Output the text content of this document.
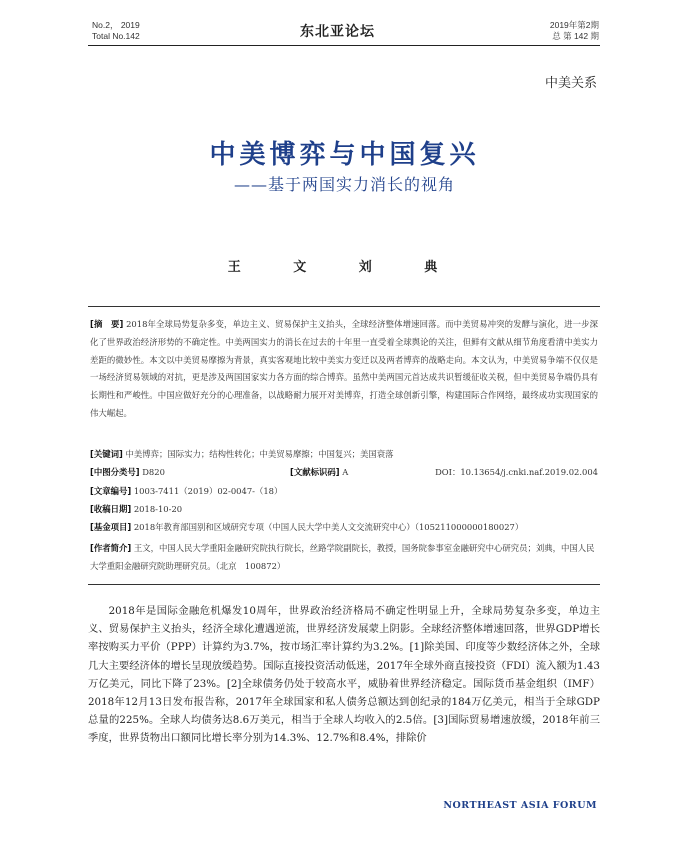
No.2， 2019
Total No.142	东北亚论坛	2019年第2期
总 第 142 期
中美关系
中美博弈与中国复兴
——基于两国实力消长的视角
王 文 刘 典
[摘　要] 2018年全球局势复杂多变，单边主义、贸易保护主义抬头，全球经济整体增速回落。而中美贸易冲突的发酵与演化，进一步深化了世界政治经济形势的不确定性。中美两国实力的消长在过去的十年里一直受着全球舆论的关注，但鲜有文献从细节角度看清中美实力差距的微妙性。本文以中美贸易摩擦为背景，真实客观地比较中美实力变迁以及两者博弈的战略走向。本文认为，中美贸易争端不仅仅是一场经济贸易领域的对抗，更是涉及两国国家实力各方面的综合博弈。虽然中美两国元首达成共识暂缓征收关税，但中美贸易争端仍具有长期性和严峻性。中国应做好充分的心理准备，以战略耐力展开对美博弈，打造全球创新引擎，构建国际合作网络，最终成功实现国家的伟大崛起。
[关键词] 中美博弈；国际实力；结构性转化；中美贸易摩擦；中国复兴；美国衰落
[中图分类号] D820	[文献标识码] A	DOI：10.13654/j.cnki.naf.2019.02.004
[文章编号] 1003-7411（2019）02-0047-（18）
[收稿日期] 2018-10-20
[基金项目] 2018年教育部国别和区域研究专项（中国人民大学中美人文交流研究中心）（105211000000180027）
[作者简介] 王文，中国人民大学重阳金融研究院执行院长，丝路学院副院长，教授，国务院参事室金融研究中心研究员；刘典，中国人民大学重阳金融研究院助理研究员。（北京　100872）

2018年是国际金融危机爆发10周年，世界政治经济格局不确定性明显上升，全球局势复杂多变，单边主义、贸易保护主义抬头，经济全球化遭遇逆流，世界经济发展蒙上阴影。全球经济整体增速回落，世界GDP增长率按购买力平价（PPP）计算约为3.7%，按市场汇率计算约为3.2%。[1]除美国、印度等少数经济体之外，全球几大主要经济体的增长呈现放缓趋势。国际直接投资活动低迷，2017年全球外商直接投资（FDI）流入额为1.43万亿美元，同比下降了23%。[2]全球债务仍处于较高水平，威胁着世界经济稳定。国际货币基金组织（IMF）2018年12月13日发布报告称，2017年全球国家和私人债务总额达到创纪录的184万亿美元，相当于全球GDP总量的225%。全球人均债务达8.6万美元，相当于全球人均收入的2.5倍。[3]国际贸易增速放缓，2018年前三季度，世界货物出口额同比增长率分别为14.3%、12.7%和8.4%，排除价

NORTHEAST ASIA FORUM
